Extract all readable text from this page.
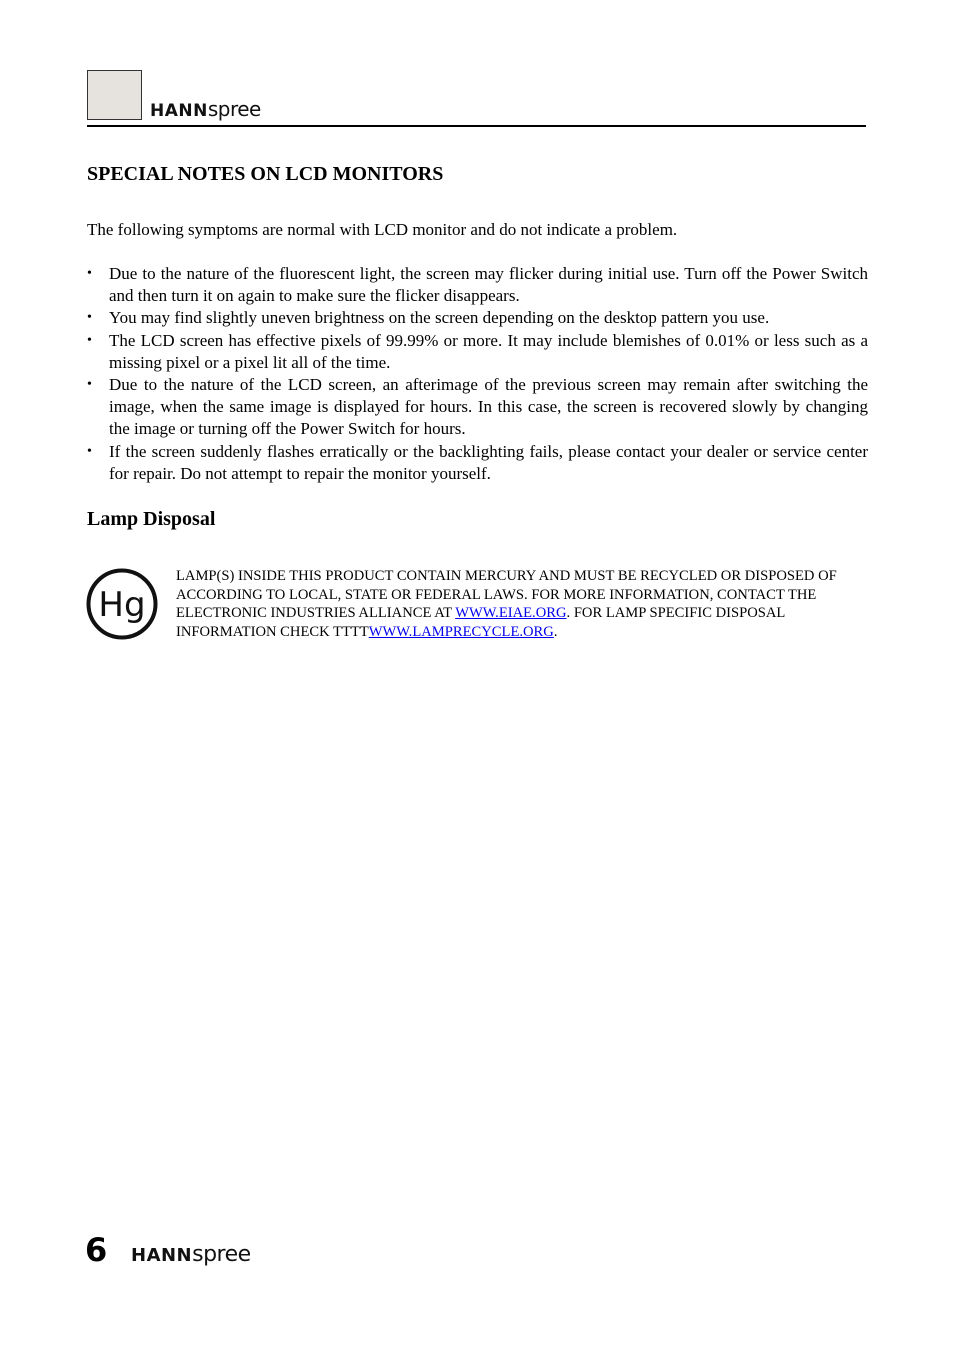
HANNspree
SPECIAL NOTES ON LCD MONITORS

The following symptoms are normal with LCD monitor and do not indicate a problem.

• Due to the nature of the fluorescent light, the screen may flicker during initial use. Turn off the Power Switch and then turn it on again to make sure the flicker disappears.
• You may find slightly uneven brightness on the screen depending on the desktop pattern you use.
• The LCD screen has effective pixels of 99.99% or more. It may include blemishes of 0.01% or less such as a missing pixel or a pixel lit all of the time.
• Due to the nature of the LCD screen, an afterimage of the previous screen may remain after switching the image, when the same image is displayed for hours. In this case, the screen is recovered slowly by changing the image or turning off the Power Switch for hours.
• If the screen suddenly flashes erratically or the backlighting fails, please contact your dealer or service center for repair. Do not attempt to repair the monitor yourself.
Lamp Disposal
Hg

LAMP(S) INSIDE THIS PRODUCT CONTAIN MERCURY AND MUST BE RECYCLED OR DISPOSED OF ACCORDING TO LOCAL, STATE OR FEDERAL LAWS. FOR MORE INFORMATION, CONTACT THE ELECTRONIC INDUSTRIES ALLIANCE AT WWW.EIAE.ORG. FOR LAMP SPECIFIC DISPOSAL INFORMATION CHECK TTTTWWW.LAMPRECYCLE.ORG.

6 HANNspree
